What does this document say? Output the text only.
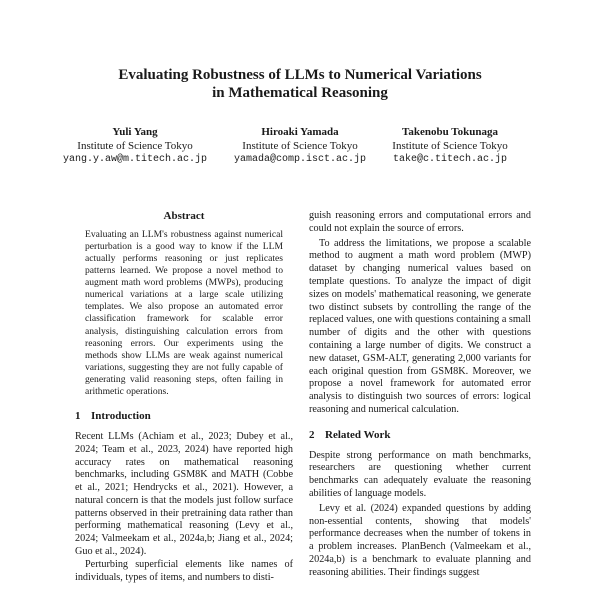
Evaluating Robustness of LLMs to Numerical Variations
in Mathematical Reasoning
Yuli Yang
Institute of Science Tokyo
yang.y.aw@m.titech.ac.jp
Hiroaki Yamada
Institute of Science Tokyo
yamada@comp.isct.ac.jp
Takenobu Tokunaga
Institute of Science Tokyo
take@c.titech.ac.jp
Abstract

Evaluating an LLM's robustness against numerical perturbation is a good way to know if the LLM actually performs reasoning or just replicates patterns learned. We propose a novel method to augment math word problems (MWPs), producing numerical variations at a large scale utilizing templates. We also propose an automated error classification framework for scalable error analysis, distinguishing calculation errors from reasoning errors. Our experiments using the methods show LLMs are weak against numerical variations, suggesting they are not fully capable of generating valid reasoning steps, often failing in arithmetic operations.

1 Introduction

Recent LLMs (Achiam et al., 2023; Dubey et al., 2024; Team et al., 2023, 2024) have reported high accuracy rates on mathematical reasoning benchmarks, including GSM8K and MATH (Cobbe et al., 2021; Hendrycks et al., 2021). However, a natural concern is that the models just follow surface patterns observed in their pretraining data rather than performing mathematical reasoning (Levy et al., 2024; Valmeekam et al., 2024a,b; Jiang et al., 2024; Guo et al., 2024).

Perturbing superficial elements like names of individuals, types of items, and numbers to disti-

guish reasoning errors and computational errors and could not explain the source of errors.

To address the limitations, we propose a scalable method to augment a math word problem (MWP) dataset by changing numerical values based on template questions. To analyze the impact of digit sizes on models' mathematical reasoning, we generate two distinct subsets by controlling the range of the replaced values, one with questions containing a small number of digits and the other with questions containing a large number of digits. We construct a new dataset, GSM-ALT, generating 2,000 variants for each original question from GSM8K. Moreover, we propose a novel framework for automated error analysis to distinguish two sources of errors: logical reasoning and numerical calculation.

2 Related Work

Despite strong performance on math benchmarks, researchers are questioning whether current benchmarks can adequately evaluate the reasoning abilities of language models.

Levy et al. (2024) expanded questions by adding non-essential contents, showing that models' performance decreases when the number of tokens in a problem increases. PlanBench (Valmeekam et al., 2024a,b) is a benchmark to evaluate planning and reasoning abilities. Their findings suggest
